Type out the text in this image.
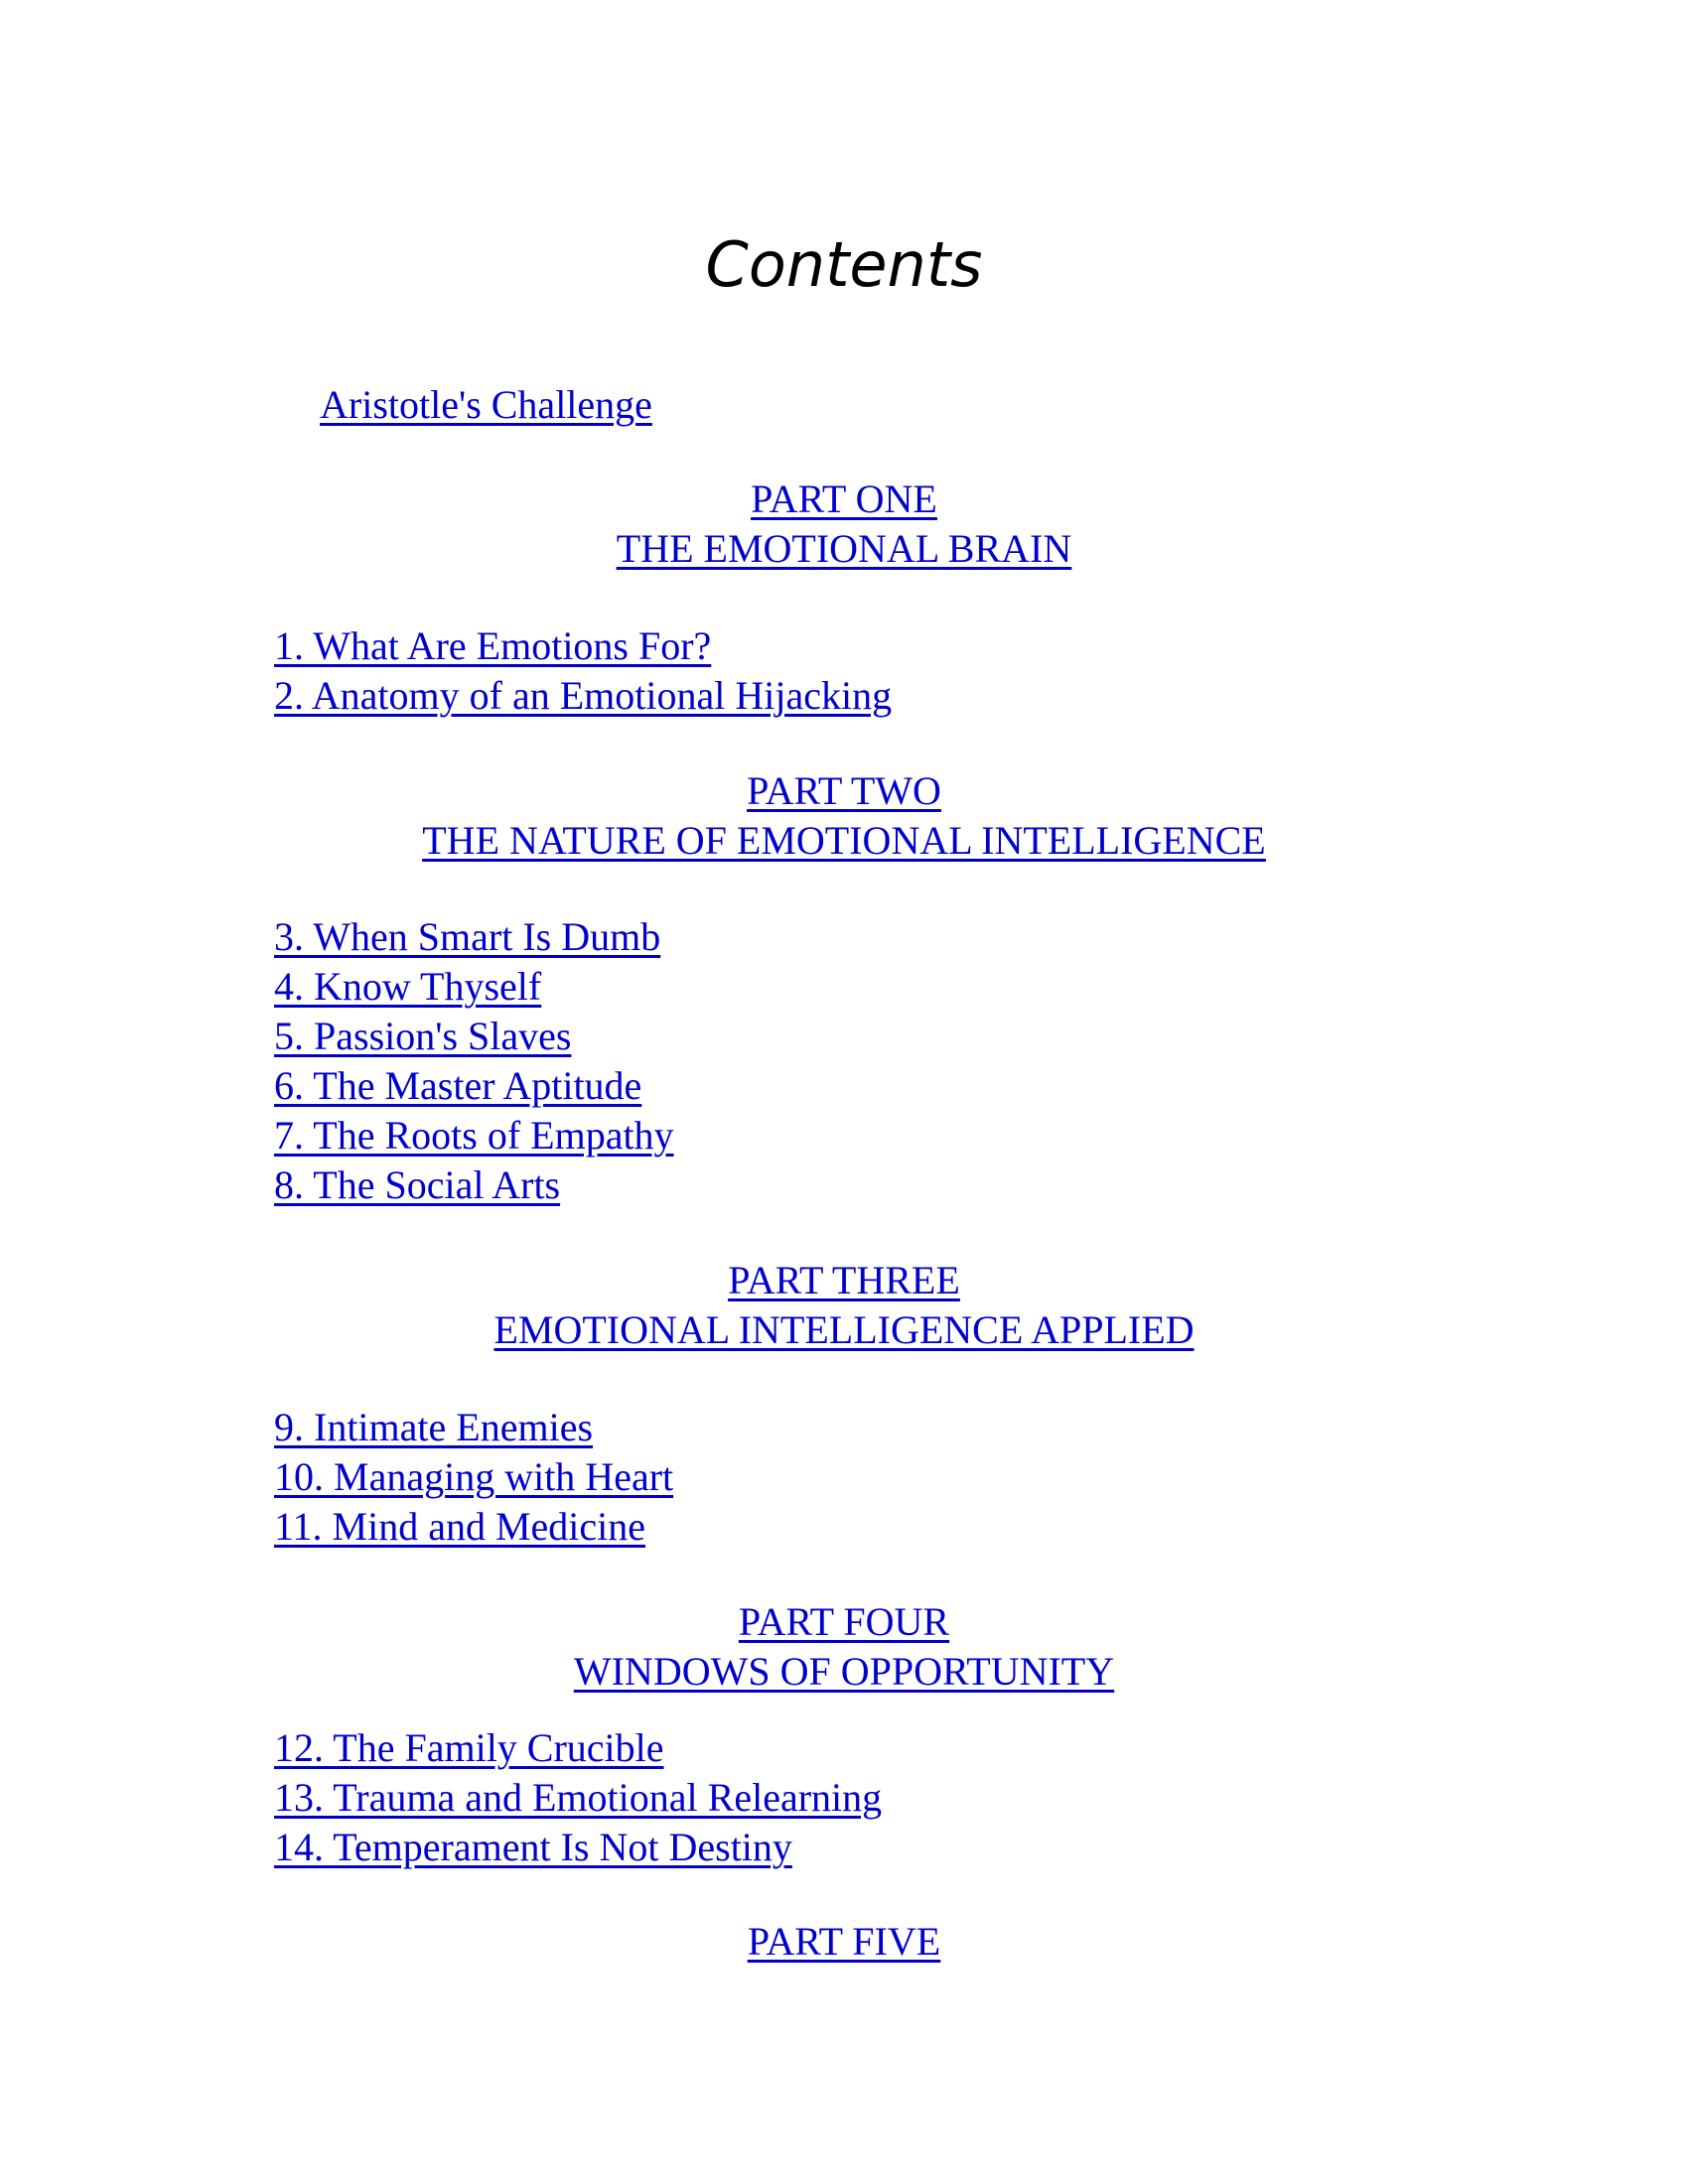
Contents
Aristotle's Challenge
PART ONE
THE EMOTIONAL BRAIN
1. What Are Emotions For?
2. Anatomy of an Emotional Hijacking
PART TWO
THE NATURE OF EMOTIONAL INTELLIGENCE
3. When Smart Is Dumb
4. Know Thyself
5. Passion's Slaves
6. The Master Aptitude
7. The Roots of Empathy
8. The Social Arts
PART THREE
EMOTIONAL INTELLIGENCE APPLIED
9. Intimate Enemies
10. Managing with Heart
11. Mind and Medicine
PART FOUR
WINDOWS OF OPPORTUNITY
12. The Family Crucible
13. Trauma and Emotional Relearning
14. Temperament Is Not Destiny
PART FIVE
